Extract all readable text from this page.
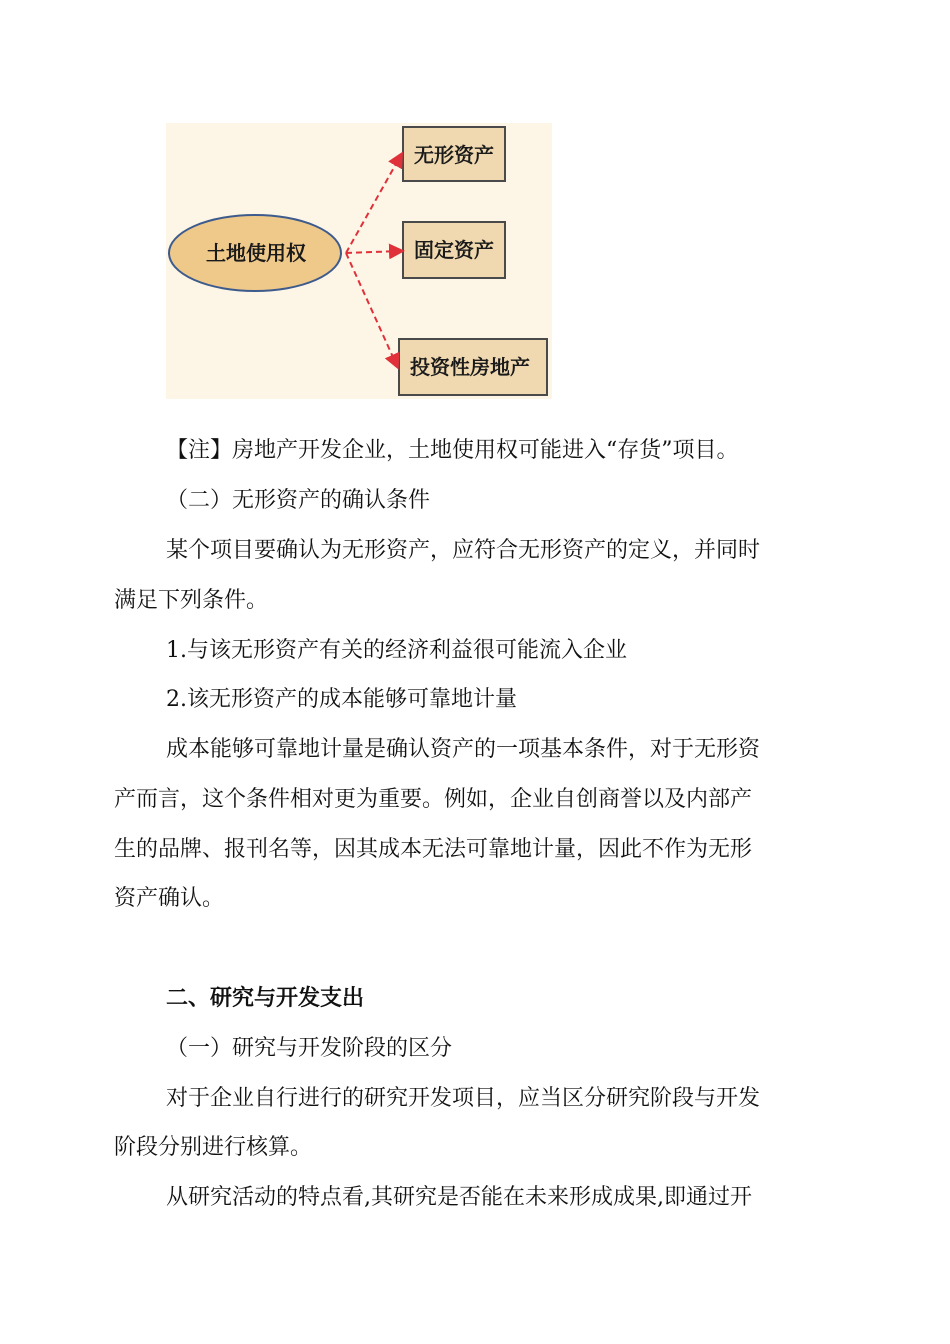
土地使用权
无形资产
固定资产
投资性房地产
【注】房地产开发企业，土地使用权可能进入“存货”项目。
（二）无形资产的确认条件
某个项目要确认为无形资产，应符合无形资产的定义，并同时
满足下列条件。
1.与该无形资产有关的经济利益很可能流入企业
2.该无形资产的成本能够可靠地计量
成本能够可靠地计量是确认资产的一项基本条件，对于无形资
产而言，这个条件相对更为重要。例如，企业自创商誉以及内部产
生的品牌、报刊名等，因其成本无法可靠地计量，因此不作为无形
资产确认。
二、研究与开发支出
（一）研究与开发阶段的区分
对于企业自行进行的研究开发项目，应当区分研究阶段与开发
阶段分别进行核算。
从研究活动的特点看,其研究是否能在未来形成成果,即通过开
